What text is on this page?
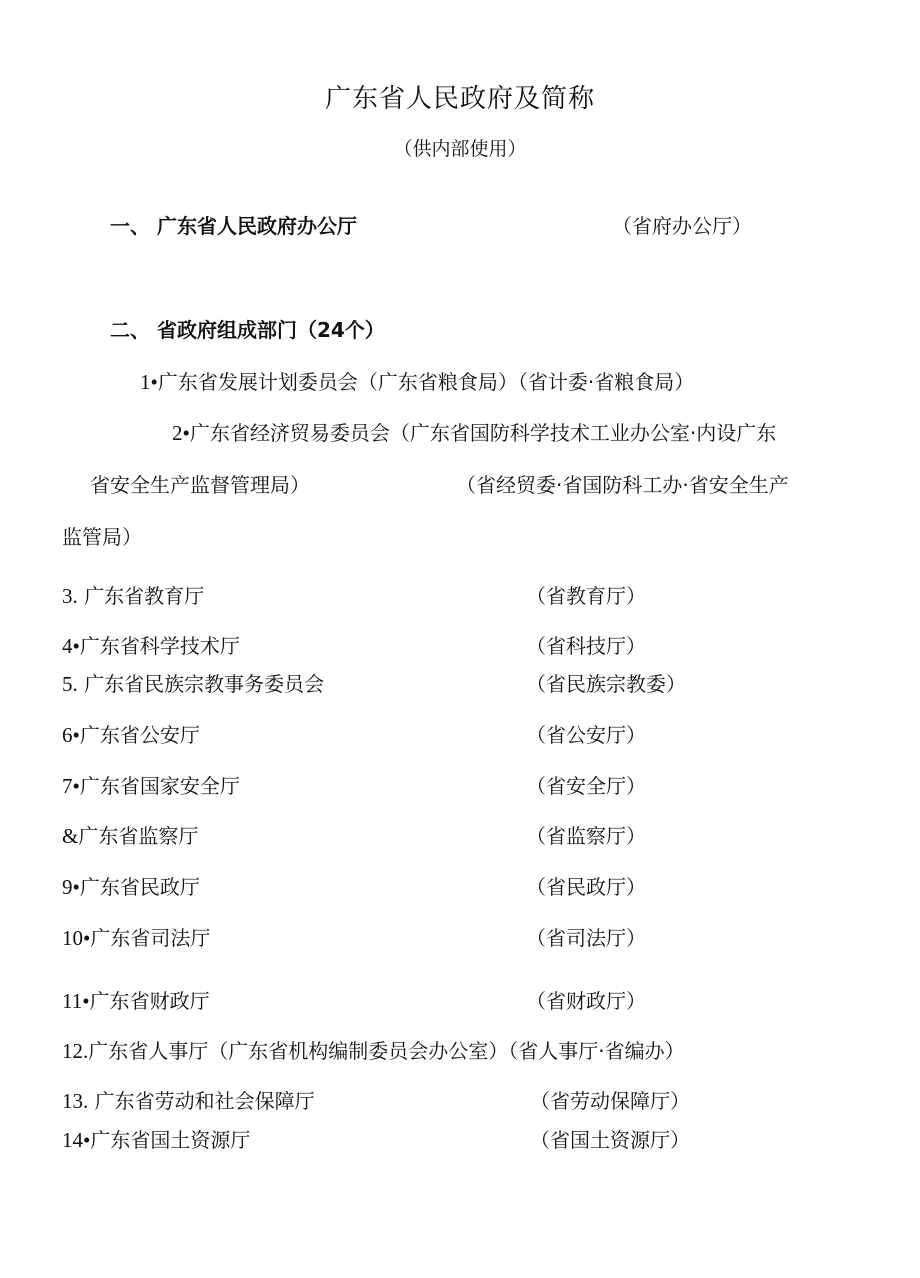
广东省人民政府及简称
（供内部使用）
一、 广东省人民政府办公厅	（省府办公厅）
二、 省政府组成部门（24个）
1•广东省发展计划委员会（广东省粮食局）（省计委·省粮食局）
2•广东省经济贸易委员会（广东省国防科学技术工业办公室·内设广东
省安全生产监督管理局）	（省经贸委·省国防科工办·省安全生产
监管局）
3. 广东省教育厅	（省教育厅）
4•广东省科学技术厅	（省科技厅）
5. 广东省民族宗教事务委员会	（省民族宗教委）
6•广东省公安厅	（省公安厅）
7•广东省国家安全厅	（省安全厅）
&广东省监察厅	（省监察厅）
9•广东省民政厅	（省民政厅）
10•广东省司法厅	（省司法厅）
11•广东省财政厅	（省财政厅）
12.广东省人事厅（广东省机构编制委员会办公室）（省人事厅·省编办）
13. 广东省劳动和社会保障厅	（省劳动保障厅）
14•广东省国土资源厅	（省国土资源厅）
